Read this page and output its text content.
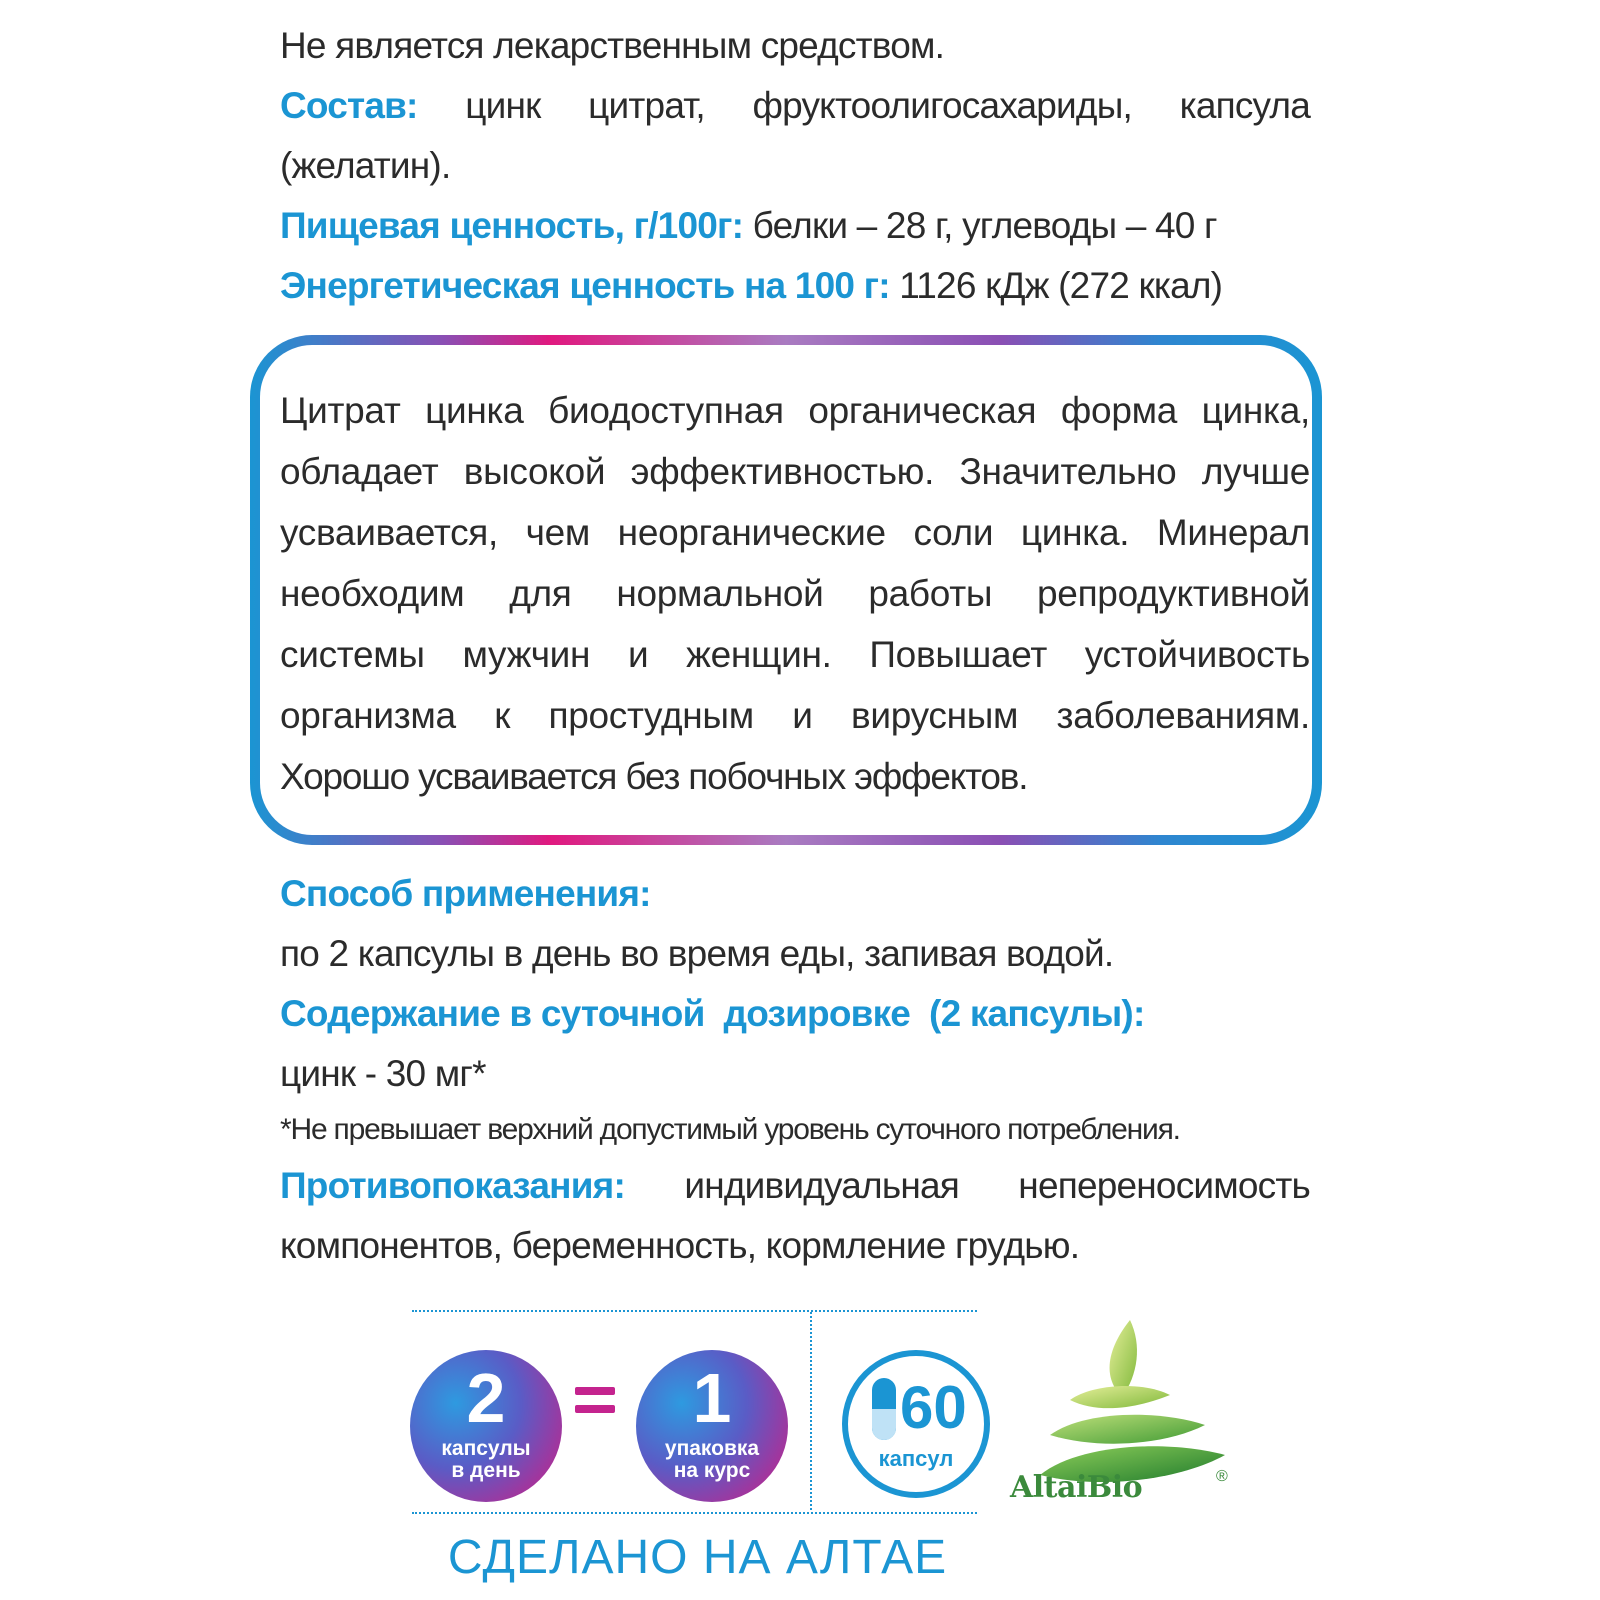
Не является лекарственным средством.
Состав: цинк цитрат, фруктоолигосахариды, капсула
(желатин).
Пищевая ценность, г/100г: белки – 28 г, углеводы – 40 г
Энергетическая ценность на 100 г: 1126 кДж (272 ккал)
Цитрат цинка биодоступная органическая форма цинка,
обладает высокой эффективностью. Значительно лучше
усваивается, чем неорганические соли цинка. Минерал
необходим для нормальной работы репродуктивной
системы мужчин и женщин. Повышает устойчивость
организма к простудным и вирусным заболеваниям.
Хорошо усваивается без побочных эффектов.
Способ применения:
по 2 капсулы в день во время еды, запивая водой.
Содержание в суточной  дозировке  (2 капсулы):
цинк - 30 мг*
*Не превышает верхний допустимый уровень суточного потребления.
Противопоказания: индивидуальная непереносимость
компонентов, беременность, кормление грудью.
2
капсулы
в день
1
упаковка
на курс
60
капсул
AltaiBio	®
СДЕЛАНО НА АЛТАЕ
